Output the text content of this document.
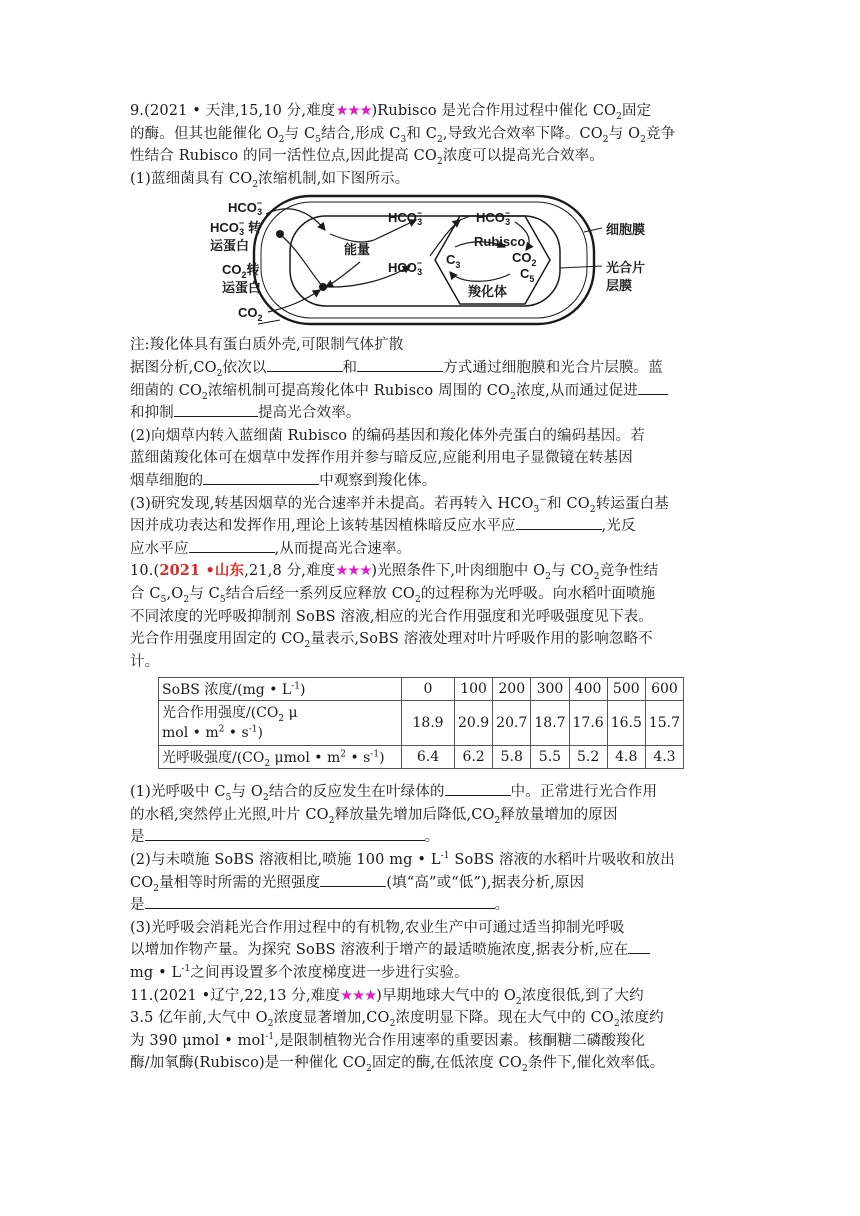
9.(2021 • 天津,15,10 分,难度★★★)Rubisco 是光合作用过程中催化 $CO_2$固定
的酶。但其也能催化 $O_2$与 $C_5$结合,形成 $C_3$和 $C_2$,导致光合效率下降。$CO_2$与 $O_2$竞争
性结合 Rubisco 的同一活性位点,因此提高 $CO_2$浓度可以提高光合效率。
(1)蓝细菌具有 $CO_2$浓缩机制,如下图所示。
HCO− 3
HCO− 3 转
运蛋白
$CO_2$转
运蛋白
$CO_2$
HCO− 3
能量
HCO− 3
HCO− 3
Rubisco
$C_3$	$CO_2$
$C_5$
羧化体
细胞膜
光合片
层膜
注:羧化体具有蛋白质外壳,可限制气体扩散
据图分析$,CO_2$依次以	和	方式通过细胞膜和光合片层膜。蓝
细菌的 $CO_2$浓缩机制可提高羧化体中 Rubisco 周围的 $CO_2$浓度,从而通过促进
和抑制	提高光合效率。
(2)向烟草内转入蓝细菌 Rubisco 的编码基因和羧化体外壳蛋白的编码基因。若
蓝细菌羧化体可在烟草中发挥作用并参与暗反应,应能利用电子显微镜在转基因
烟草细胞的	中观察到羧化体。
(3)研究发现,转基因烟草的光合速率并未提高。若再转入 $HCO_3^-$和 $CO_2$转运蛋白基
因并成功表达和发挥作用,理论上该转基因植株暗反应水平应	,光反
应水平应	,从而提高光合速率。
10.(2021 •山东,21,8 分,难度★★★)光照条件下,叶肉细胞中 $O_2$与 $CO_2$竞争性结
合 $C_5,O_2$与 $C_5$结合后经一系列反应释放 $CO_2$的过程称为光呼吸。向水稻叶面喷施
不同浓度的光呼吸抑制剂 SoBS 溶液,相应的光合作用强度和光呼吸强度见下表。
光合作用强度用固定的 $CO_2$量表示,SoBS 溶液处理对叶片呼吸作用的影响忽略不
计。
SoBS 浓度/(mg • $L^{-1}$)	0	100	200	300	400	500	600
光合作用强度$/(CO_2$ μ
mol • $m^2$ • $s^{-1}$)	18.9	20.9	20.7	18.7	17.6	16.5	15.7
光呼吸强度$/(CO_2$ μmol • $m^2$ • $s^{-1}$)	6.4	6.2	5.8	5.5	5.2	4.8	4.3
(1)光呼吸中 $C_5$与 $O_2$结合的反应发生在叶绿体的	中。正常进行光合作用
的水稻,突然停止光照,叶片 $CO_2$释放量先增加后降低$,CO_2$释放量增加的原因
是	。
(2)与未喷施 SoBS 溶液相比,喷施 100 mg • $L^{-1}$ SoBS 溶液的水稻叶片吸收和放出
$CO_2$量相等时所需的光照强度	(填“高”或“低”),据表分析,原因
是	。
(3)光呼吸会消耗光合作用过程中的有机物,农业生产中可通过适当抑制光呼吸
以增加作物产量。为探究 SoBS 溶液利于增产的最适喷施浓度,据表分析,应在
mg • $L^{-1}$之间再设置多个浓度梯度进一步进行实验。
11.(2021 •辽宁,22,13 分,难度★★★)早期地球大气中的 $O_2$浓度很低,到了大约
3.5 亿年前,大气中 $O_2$浓度显著增加$,CO_2$浓度明显下降。现在大气中的 $CO_2$浓度约
为 390 μmol • mol$^{-1}$,是限制植物光合作用速率的重要因素。核酮糖二磷酸羧化
酶/加氧酶(Rubisco)是一种催化 $CO_2$固定的酶,在低浓度 $CO_2$条件下,催化效率低。
